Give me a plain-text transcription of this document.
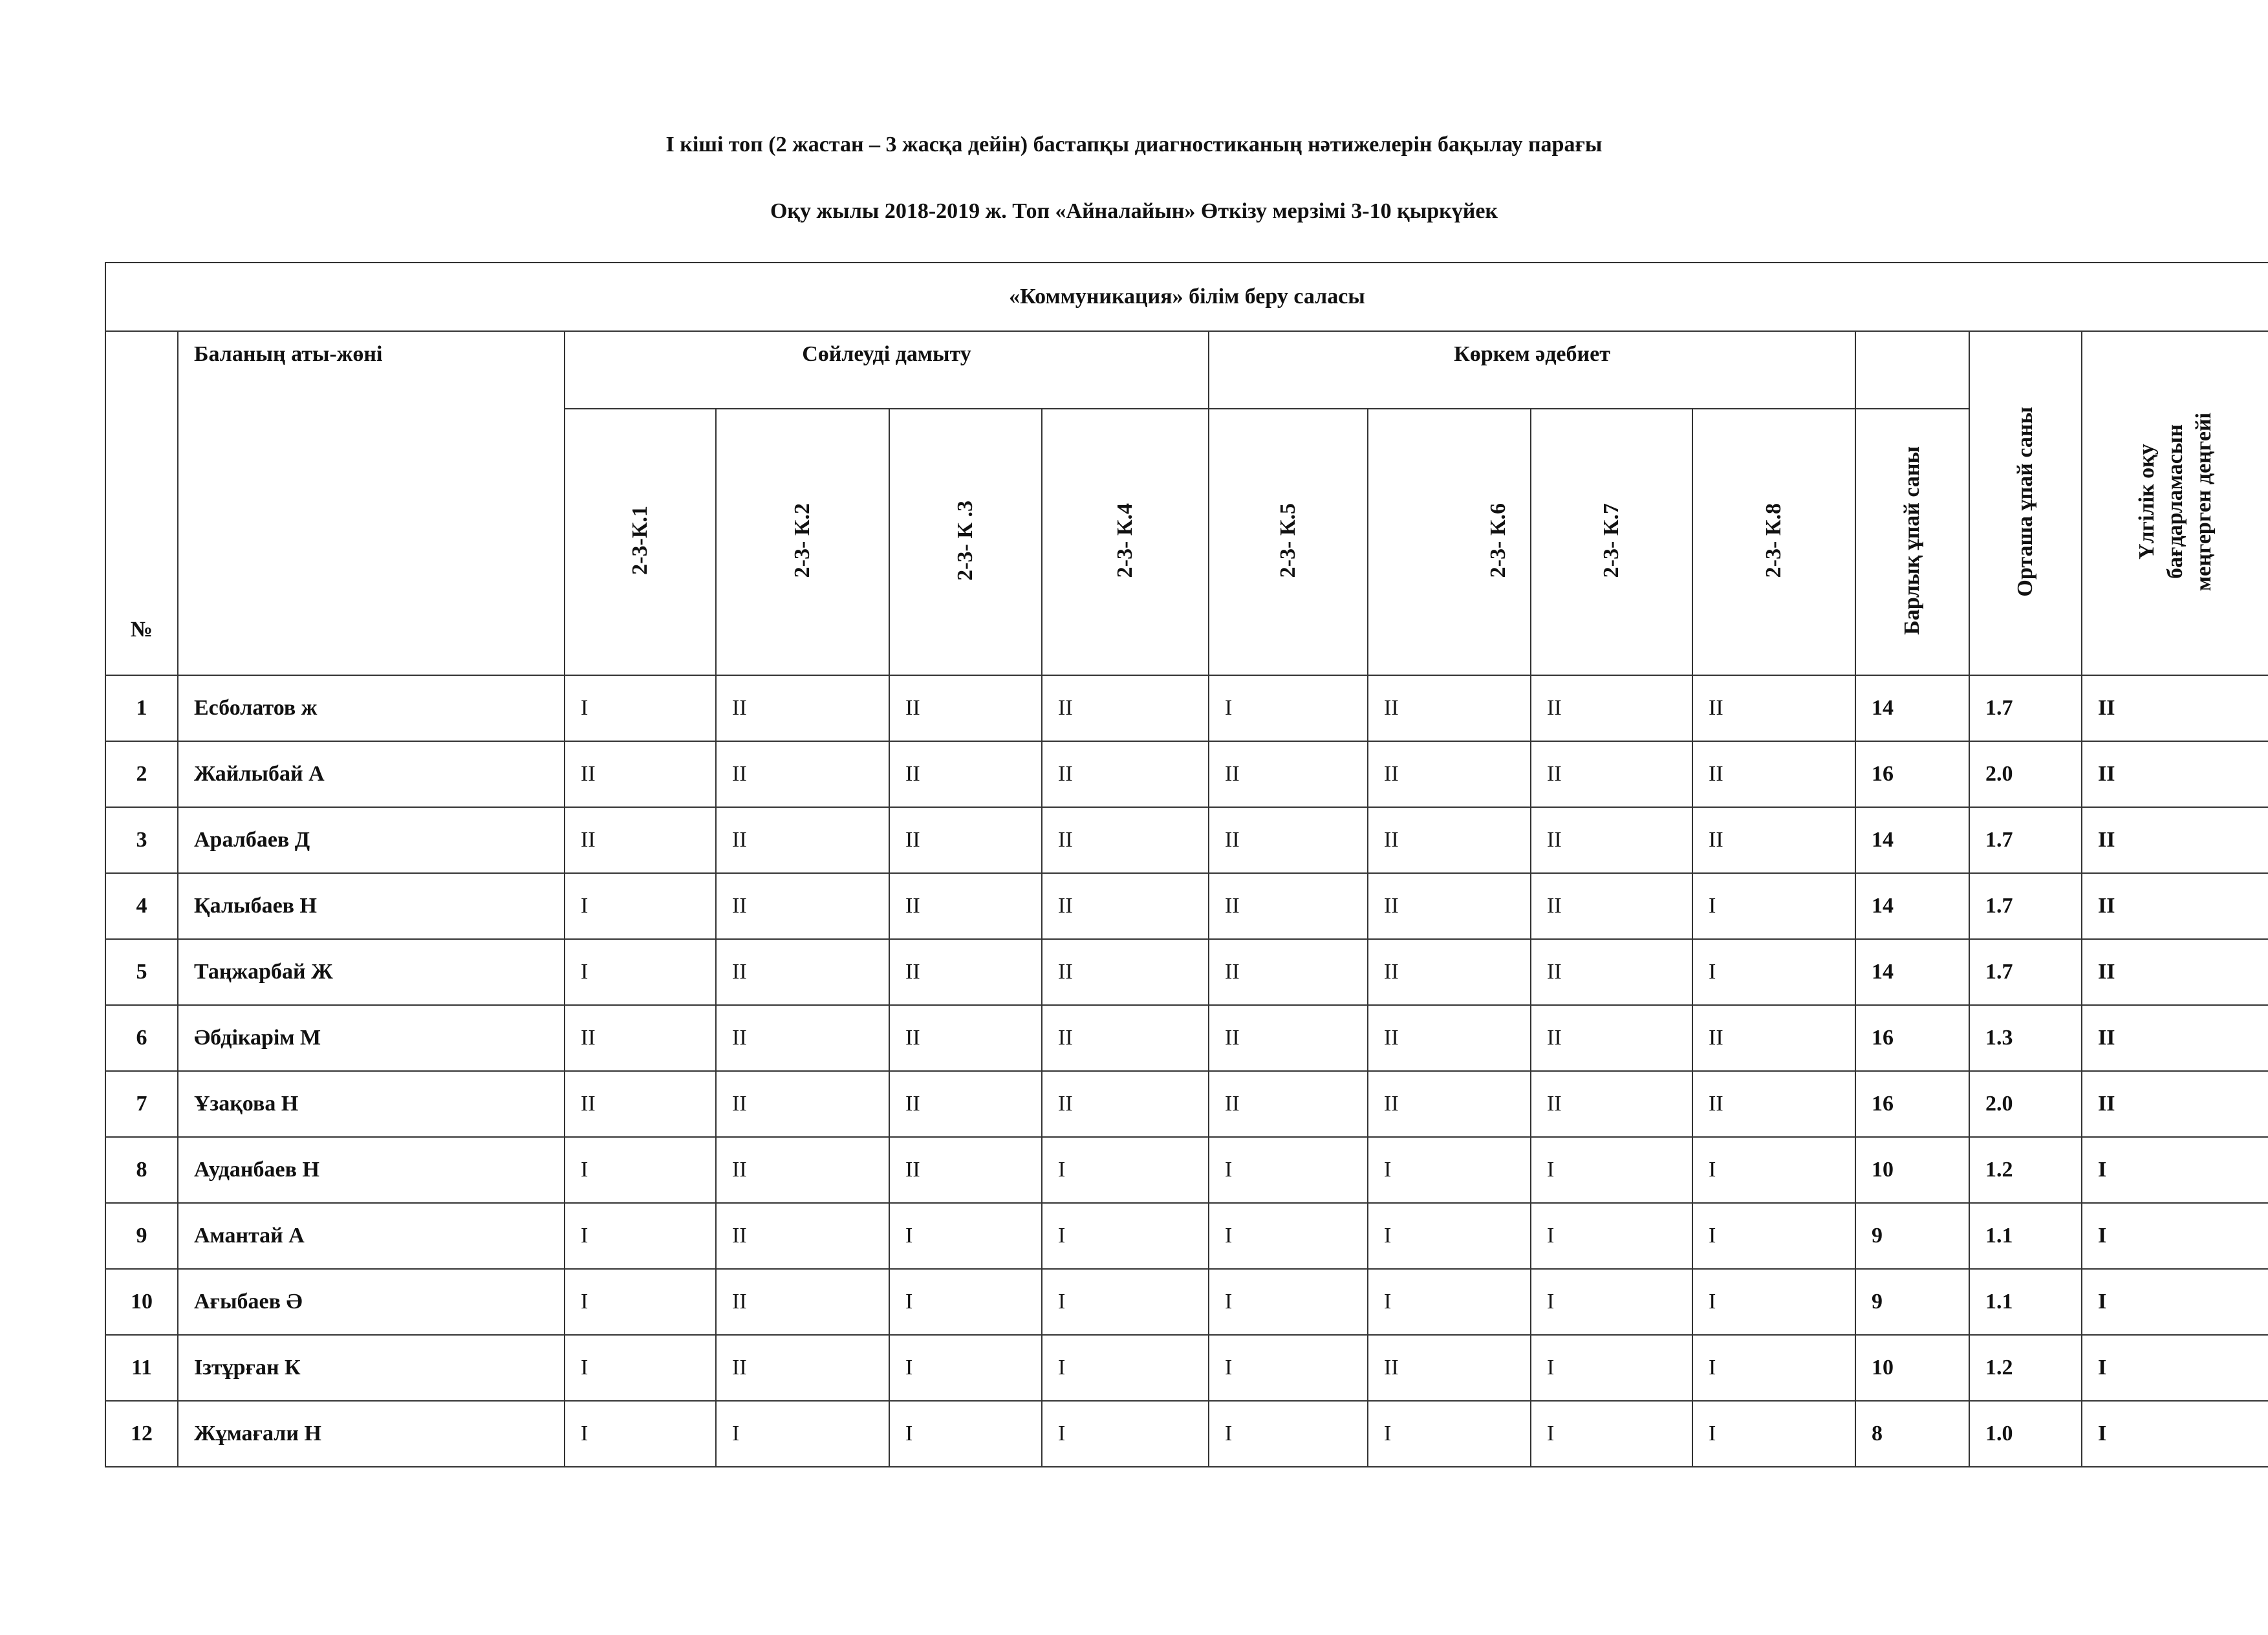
І кіші топ (2 жастан – 3 жасқа дейін) бастапқы диагностиканың нәтижелерін бақылау парағы
Оқу жылы 2018-2019 ж. Топ «Айналайын» Өткізу мерзімі 3-10 қыркүйек
«Коммуникация» білім беру саласы												
№	Баланың аты-жөні	Сөйлеуді дамыту				Көркем әдебиет					Орташа ұпай саны	Үлгілік оқу бағдарламасын меңгерген деңгейі
		2-3-К.1	2-3- К.2	2-3- К .3	2-3- К.4	2-3- К.5	2-3- К.6	2-3- К.7	2-3- К.8	Барлық ұпай саны		
1	Есболатов ж	I	II	II	II	I	II	II	II	14	1.7	II
2	Жайлыбай А	II	II	II	II	II	II	II	II	16	2.0	II
3	Аралбаев Д	II	II	II	II	II	II	II	II	14	1.7	II
4	Қалыбаев Н	I	II	II	II	II	II	II	I	14	1.7	II
5	Таңжарбай Ж	I	II	II	II	II	II	II	I	14	1.7	II
6	Әбдікарім М	II	II	II	II	II	II	II	II	16	1.3	II
7	Ұзақова Н	II	II	II	II	II	II	II	II	16	2.0	II
8	Ауданбаев Н	I	II	II	I	I	I	I	I	10	1.2	I
9	Амантай А	I	II	I	I	I	I	I	I	9	1.1	I
10	Ағыбаев Ә	I	II	I	I	I	I	I	I	9	1.1	I
11	Ізтұрған К	I	II	I	I	I	II	I	I	10	1.2	I
12	Жұмағали Н	I	I	I	I	I	I	I	I	8	1.0	I
